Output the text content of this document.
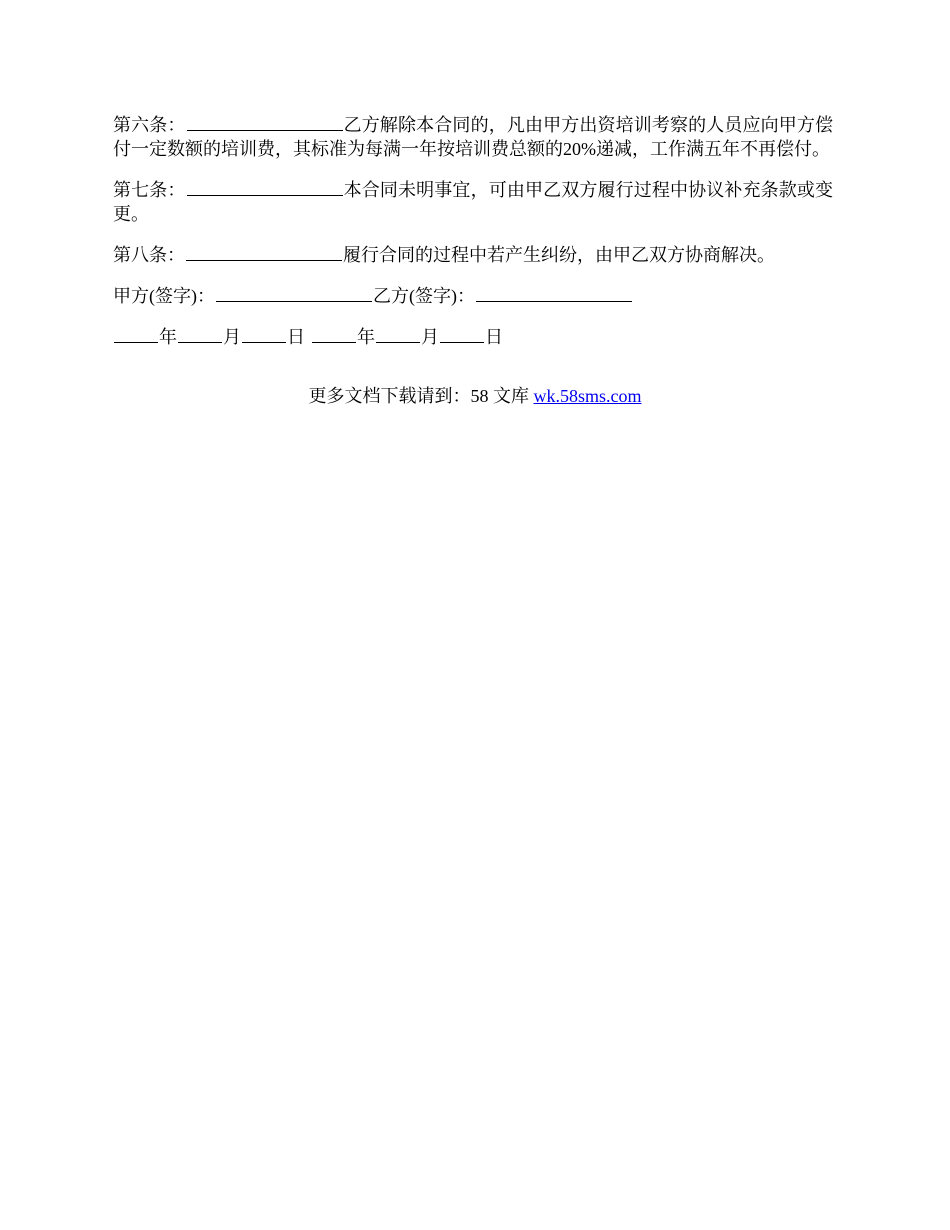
第六条：	乙方解除本合同的，凡由甲方出资培训考察的人员应向甲方偿付一定数额的培训费，其标准为每满一年按培训费总额的20%递减，工作满五年不再偿付。

第七条：	本合同未明事宜，可由甲乙双方履行过程中协议补充条款或变更。

第八条：	履行合同的过程中若产生纠纷，由甲乙双方协商解决。

甲方(签字)：	乙方(签字)：

年	月	日	年	月	日

更多文档下载请到：58 文库 wk.58sms.com
